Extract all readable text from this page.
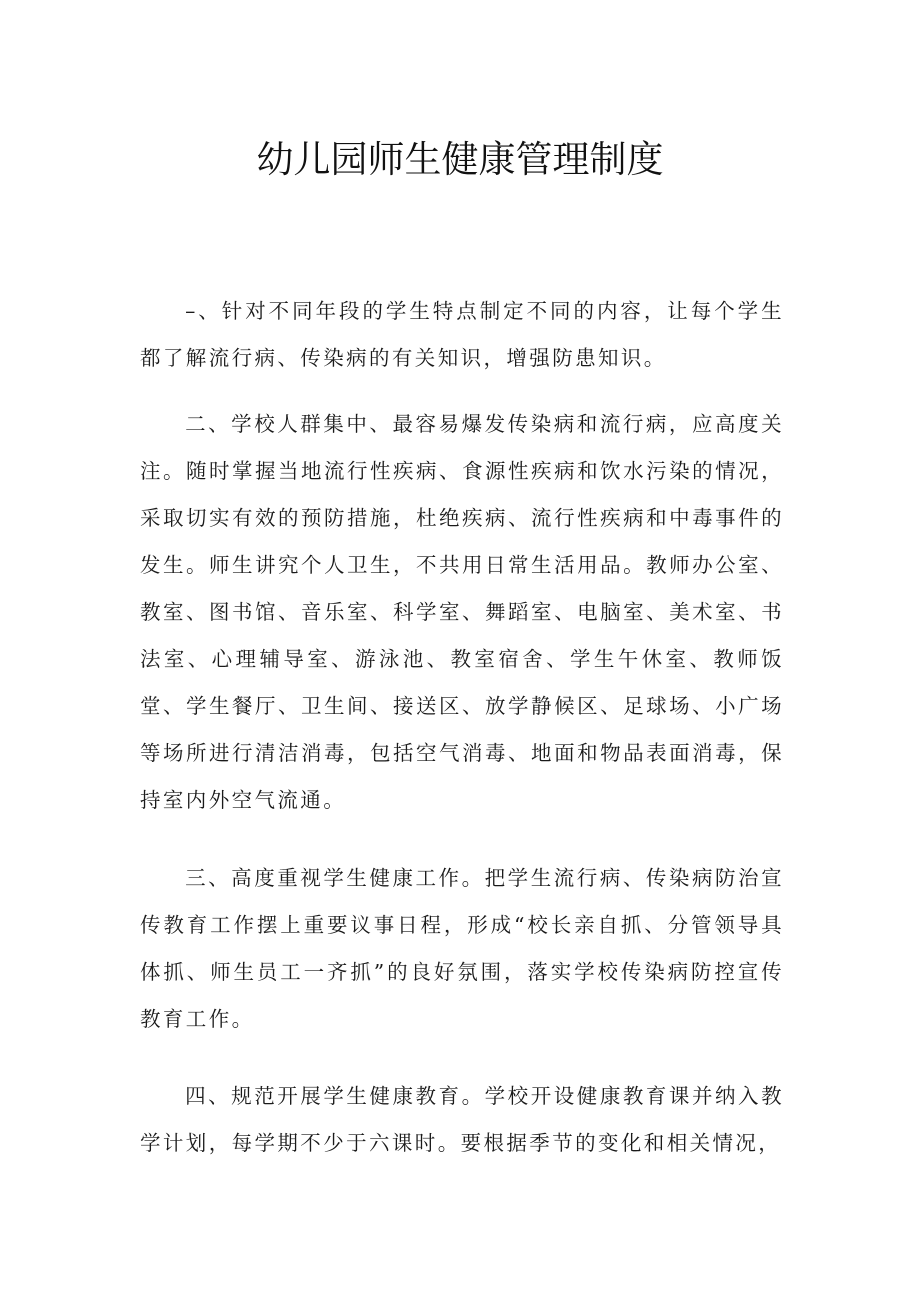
幼儿园师生健康管理制度

–、针对不同年段的学生特点制定不同的内容，让每个学生都了解流行病、传染病的有关知识，增强防患知识。

二、学校人群集中、最容易爆发传染病和流行病，应高度关注。随时掌握当地流行性疾病、食源性疾病和饮水污染的情况，采取切实有效的预防措施，杜绝疾病、流行性疾病和中毒事件的发生。师生讲究个人卫生，不共用日常生活用品。教师办公室、教室、图书馆、音乐室、科学室、舞蹈室、电脑室、美术室、书法室、心理辅导室、游泳池、教室宿舍、学生午休室、教师饭堂、学生餐厅、卫生间、接送区、放学静候区、足球场、小广场等场所进行清洁消毒，包括空气消毒、地面和物品表面消毒，保持室内外空气流通。

三、高度重视学生健康工作。把学生流行病、传染病防治宣传教育工作摆上重要议事日程，形成“校长亲自抓、分管领导具体抓、师生员工一齐抓”的良好氛围，落实学校传染病防控宣传教育工作。

四、规范开展学生健康教育。学校开设健康教育课并纳入教学计划，每学期不少于六课时。要根据季节的变化和相关情况，
